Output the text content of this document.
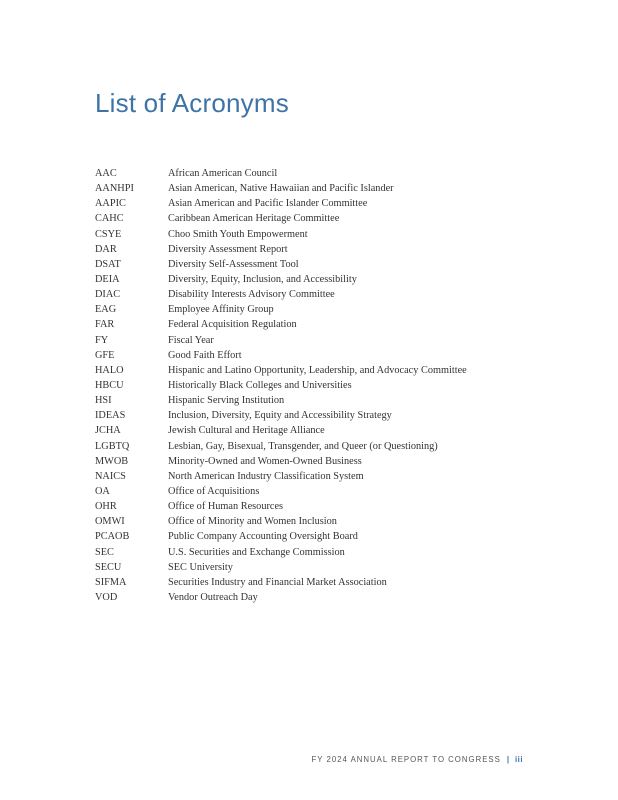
List of Acronyms
AAC	African American Council
AANHPI	Asian American, Native Hawaiian and Pacific Islander
AAPIC	Asian American and Pacific Islander Committee
CAHC	Caribbean American Heritage Committee
CSYE	Choo Smith Youth Empowerment
DAR	Diversity Assessment Report
DSAT	Diversity Self-Assessment Tool
DEIA	Diversity, Equity, Inclusion, and Accessibility
DIAC	Disability Interests Advisory Committee
EAG	Employee Affinity Group
FAR	Federal Acquisition Regulation
FY	Fiscal Year
GFE	Good Faith Effort
HALO	Hispanic and Latino Opportunity, Leadership, and Advocacy Committee
HBCU	Historically Black Colleges and Universities
HSI	Hispanic Serving Institution
IDEAS	Inclusion, Diversity, Equity and Accessibility Strategy
JCHA	Jewish Cultural and Heritage Alliance
LGBTQ	Lesbian, Gay, Bisexual, Transgender, and Queer (or Questioning)
MWOB	Minority-Owned and Women-Owned Business
NAICS	North American Industry Classification System
OA	Office of Acquisitions
OHR	Office of Human Resources
OMWI	Office of Minority and Women Inclusion
PCAOB	Public Company Accounting Oversight Board
SEC	U.S. Securities and Exchange Commission
SECU	SEC University
SIFMA	Securities Industry and Financial Market Association
VOD	Vendor Outreach Day
FY 2024 ANNUAL REPORT TO CONGRESS | iii
